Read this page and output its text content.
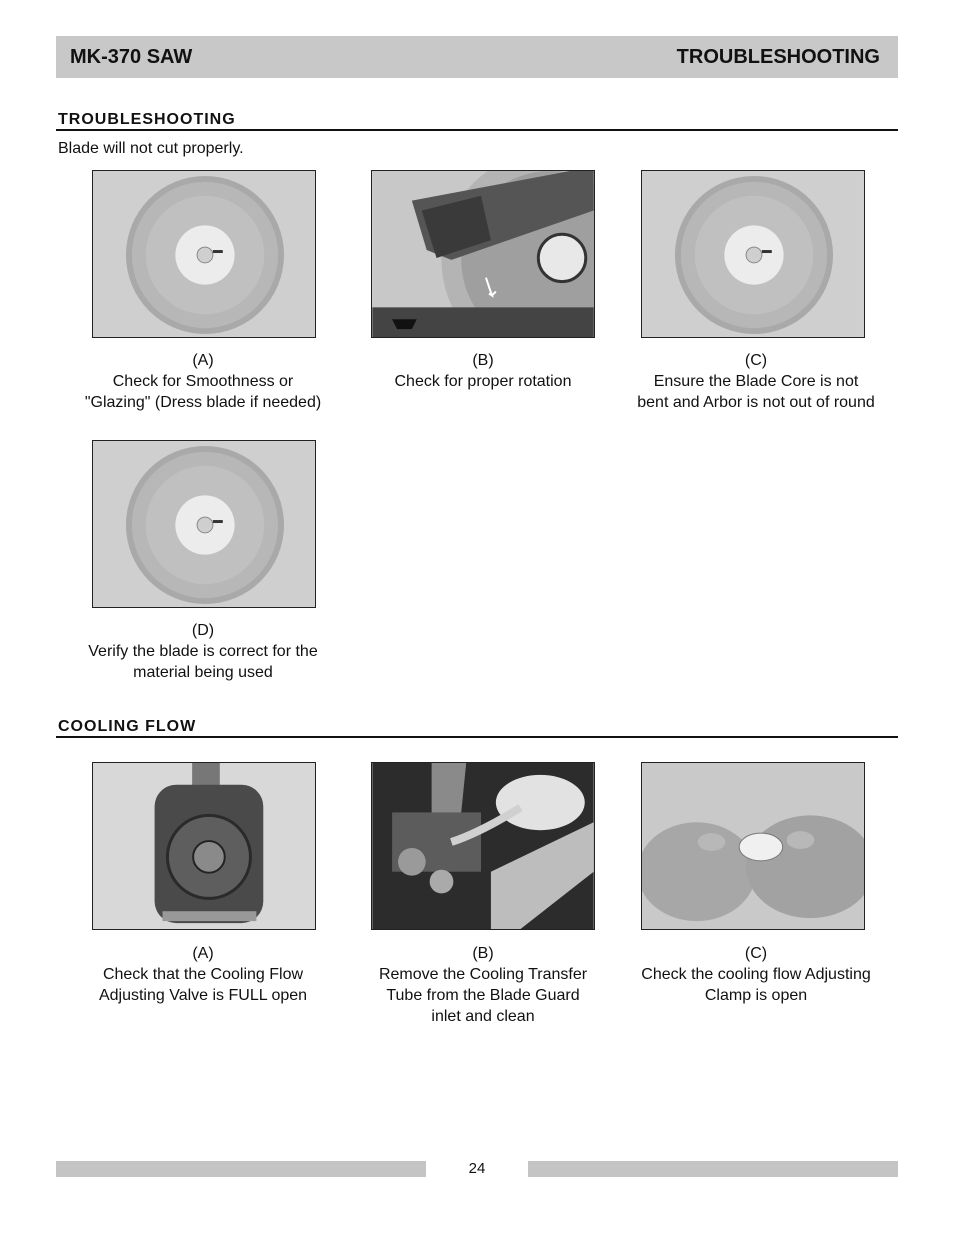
MK-370 SAW	TROUBLESHOOTING
TROUBLESHOOTING
Blade will not cut properly.
(A)
Check for Smoothness or
"Glazing" (Dress blade if needed)
(B)
Check for proper rotation
(C)
Ensure the Blade Core is not
bent and Arbor is not out of round
(D)
Verify the blade is correct for the
material being used
COOLING FLOW
(A)
Check that the Cooling Flow
Adjusting Valve is FULL open
(B)
Remove the Cooling Transfer
Tube from the Blade Guard
inlet and clean
(C)
Check the cooling flow Adjusting
Clamp is open
24
